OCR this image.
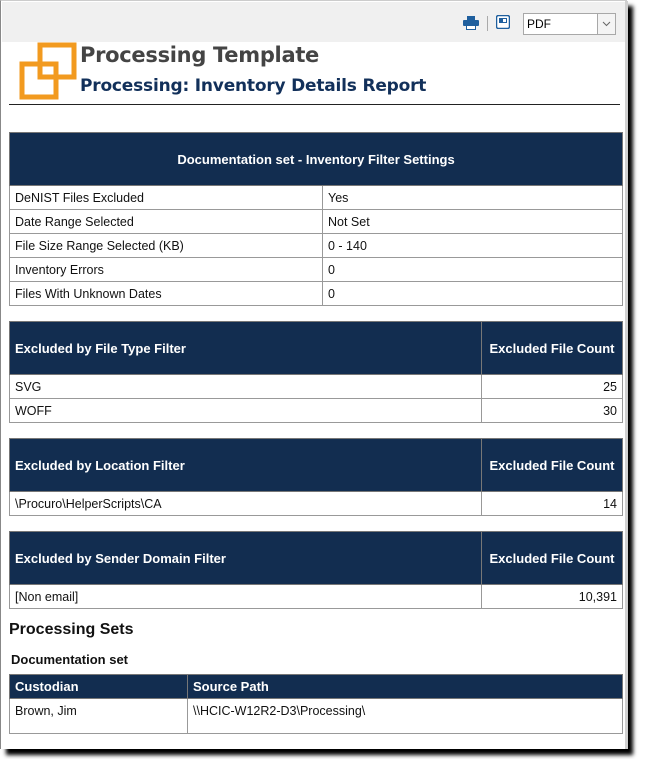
PDF
Processing Template
Processing: Inventory Details Report
Documentation set - Inventory Filter Settings	
DeNIST Files Excluded	Yes
Date Range Selected	Not Set
File Size Range Selected (KB)	0 - 140
Inventory Errors	0
Files With Unknown Dates	0
Excluded by File Type Filter	Excluded File Count
SVG	25
WOFF	30
Excluded by Location Filter	Excluded File Count
\Procuro\HelperScripts\CA	14
Excluded by Sender Domain Filter	Excluded File Count
[Non email]	10,391
Processing Sets
Documentation set
Custodian	Source Path
Brown, Jim	\\HCIC-W12R2-D3\Processing\
